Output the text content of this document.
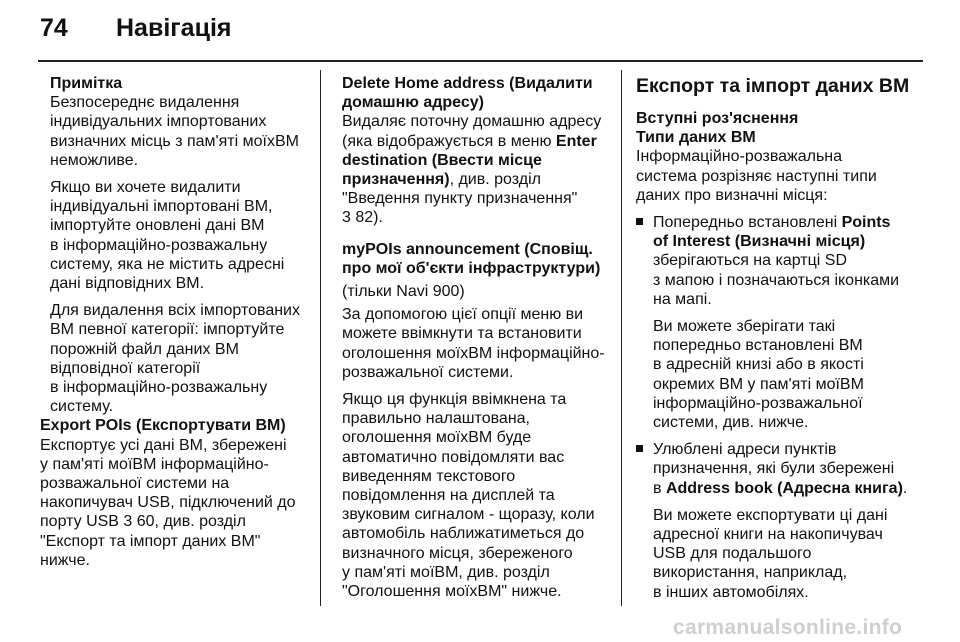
74	Навігація
Примітка
Безпосереднє видалення
індивідуальних імпортованих
визначних місць з пам'яті моїхВМ
неможливе.
Якщо ви хочете видалити
індивідуальні імпортовані ВМ,
імпортуйте оновлені дані ВМ
в інформаційно-розважальну
систему, яка не містить адресні
дані відповідних ВМ.
Для видалення всіх імпортованих
ВМ певної категорії: імпортуйте
порожній файл даних ВМ
відповідної категорії
в інформаційно-розважальну
систему.
Export POIs (Експортувати ВМ)
Експортує усі дані ВМ, збережені
у пам'яті моїВМ інформаційно-
розважальної системи на
накопичувач USB, підключений до
порту USB 3 60, див. розділ
"Експорт та імпорт даних ВМ"
нижче.
Delete Home address (Видалити
домашню адресу)
Видаляє поточну домашню адресу
(яка відображується в меню Enter
destination (Ввести місце
призначення), див. розділ
"Введення пункту призначення"
3 82).
myPOIs announcement (Сповіщ.
про мої об'єкти інфраструктури)
(тільки Navi 900)
За допомогою цієї опції меню ви
можете ввімкнути та встановити
оголошення моїхВМ інформаційно-
розважальної системи.
Якщо ця функція ввімкнена та
правильно налаштована,
оголошення моїхВМ буде
автоматично повідомляти вас
виведенням текстового
повідомлення на дисплей та
звуковим сигналом - щоразу, коли
автомобіль наближатиметься до
визначного місця, збереженого
у пам'яті моїВМ, див. розділ
"Оголошення моїхВМ" нижче.
Експорт та імпорт даних ВМ
Вступні роз'яснення
Типи даних ВМ
Інформаційно-розважальна
система розрізняє наступні типи
даних про визначні місця:
Попередньо встановлені Points
of Interest (Визначні місця)
зберігаються на картці SD
з мапою і позначаються іконками
на мапі.
Ви можете зберігати такі
попередньо встановлені ВМ
в адресній книзі або в якості
окремих ВМ у пам'яті моїВМ
інформаційно-розважальної
системи, див. нижче.
Улюблені адреси пунктів
призначення, які були збережені
в Address book (Адресна книга).
Ви можете експортувати ці дані
адресної книги на накопичувач
USB для подальшого
використання, наприклад,
в інших автомобілях.
carmanualsonline.info
